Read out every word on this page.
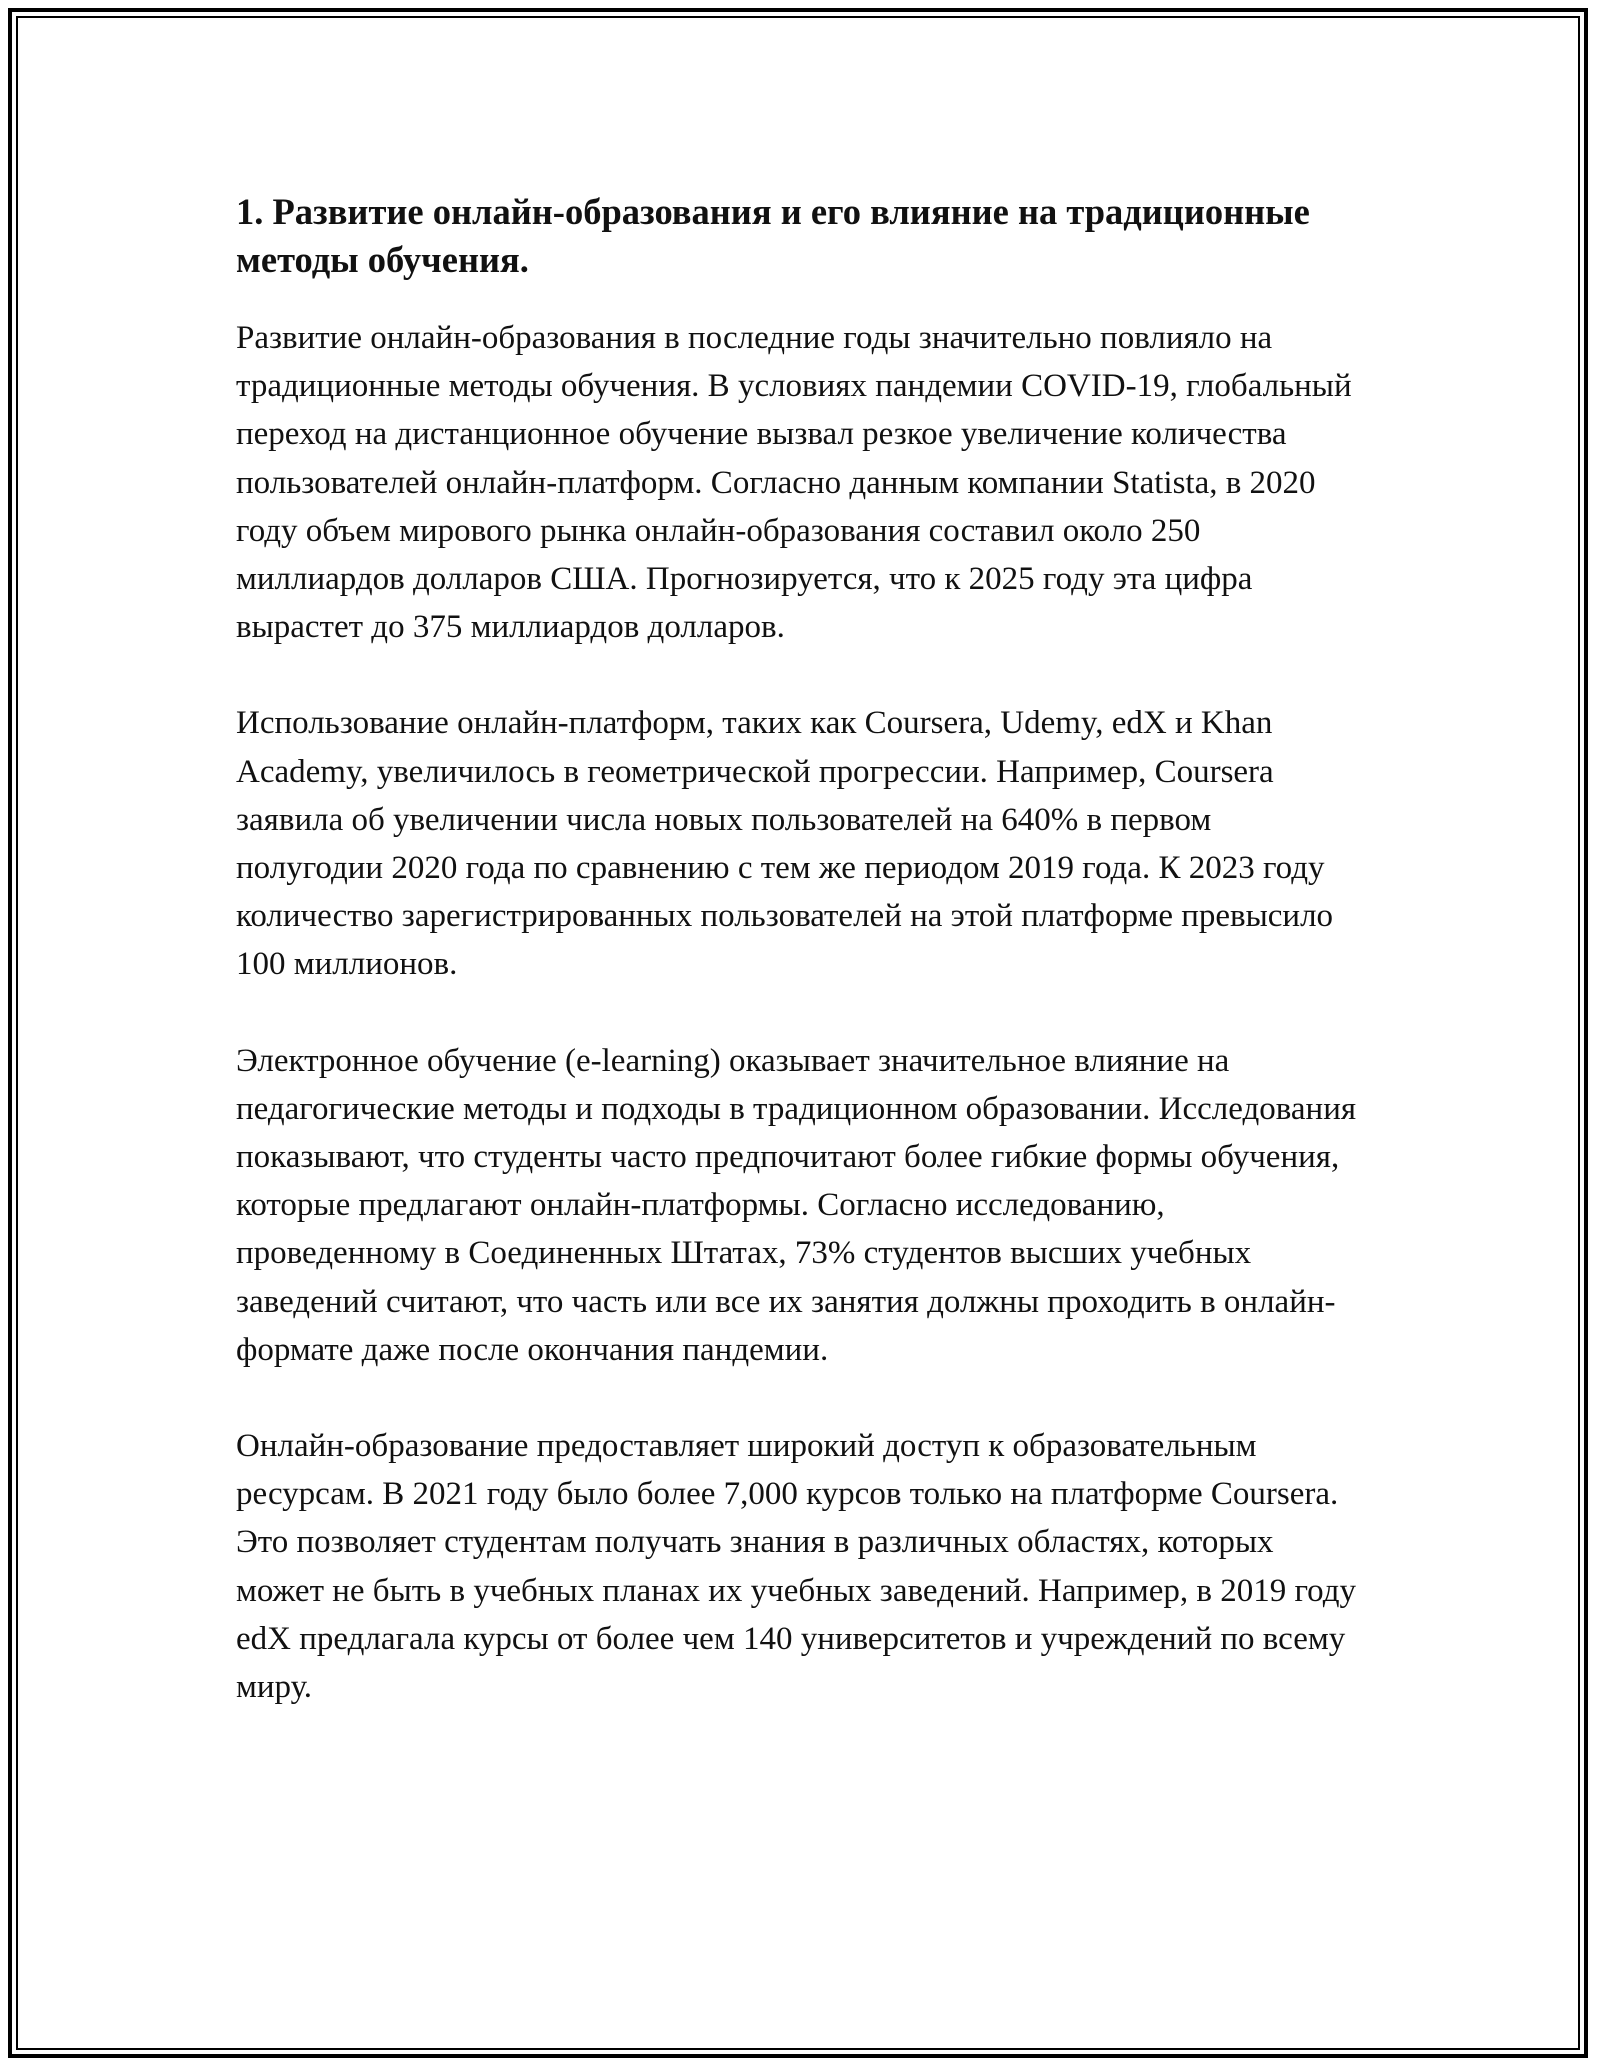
1. Развитие онлайн-образования и его влияние на традиционные методы обучения.

Развитие онлайн-образования в последние годы значительно повлияло на традиционные методы обучения. В условиях пандемии COVID-19, глобальный переход на дистанционное обучение вызвал резкое увеличение количества пользователей онлайн-платформ. Согласно данным компании Statista, в 2020 году объем мирового рынка онлайн-образования составил около 250 миллиардов долларов США. Прогнозируется, что к 2025 году эта цифра вырастет до 375 миллиардов долларов.

Использование онлайн-платформ, таких как Coursera, Udemy, edX и Khan Academy, увеличилось в геометрической прогрессии. Например, Coursera заявила об увеличении числа новых пользователей на 640% в первом полугодии 2020 года по сравнению с тем же периодом 2019 года. К 2023 году количество зарегистрированных пользователей на этой платформе превысило 100 миллионов.

Электронное обучение (e-learning) оказывает значительное влияние на педагогические методы и подходы в традиционном образовании. Исследования показывают, что студенты часто предпочитают более гибкие формы обучения, которые предлагают онлайн-платформы. Согласно исследованию, проведенному в Соединенных Штатах, 73% студентов высших учебных заведений считают, что часть или все их занятия должны проходить в онлайн-формате даже после окончания пандемии.

Онлайн-образование предоставляет широкий доступ к образовательным ресурсам. В 2021 году было более 7,000 курсов только на платформе Coursera. Это позволяет студентам получать знания в различных областях, которых может не быть в учебных планах их учебных заведений. Например, в 2019 году edX предлагала курсы от более чем 140 университетов и учреждений по всему миру.
